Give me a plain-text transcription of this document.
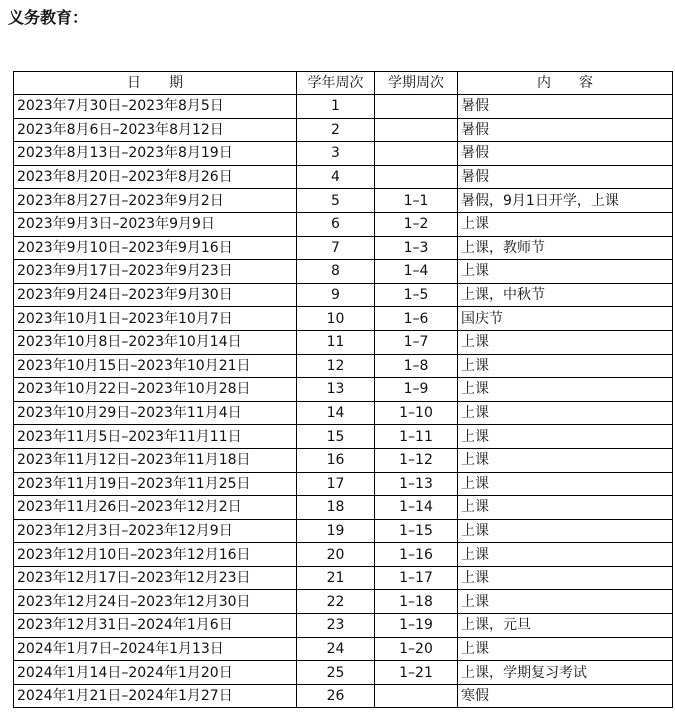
义务教育：
日　　期	学年周次	学期周次	内　　容
2023年7月30日–2023年8月5日	1		暑假
2023年8月6日–2023年8月12日	2		暑假
2023年8月13日–2023年8月19日	3		暑假
2023年8月20日–2023年8月26日	4		暑假
2023年8月27日–2023年9月2日	5	1–1	暑假，9月1日开学，上课
2023年9月3日–2023年9月9日	6	1–2	上课
2023年9月10日–2023年9月16日	7	1–3	上课，教师节
2023年9月17日–2023年9月23日	8	1–4	上课
2023年9月24日–2023年9月30日	9	1–5	上课，中秋节
2023年10月1日–2023年10月7日	10	1–6	国庆节
2023年10月8日–2023年10月14日	11	1–7	上课
2023年10月15日–2023年10月21日	12	1–8	上课
2023年10月22日–2023年10月28日	13	1–9	上课
2023年10月29日–2023年11月4日	14	1–10	上课
2023年11月5日–2023年11月11日	15	1–11	上课
2023年11月12日–2023年11月18日	16	1–12	上课
2023年11月19日–2023年11月25日	17	1–13	上课
2023年11月26日–2023年12月2日	18	1–14	上课
2023年12月3日–2023年12月9日	19	1–15	上课
2023年12月10日–2023年12月16日	20	1–16	上课
2023年12月17日–2023年12月23日	21	1–17	上课
2023年12月24日–2023年12月30日	22	1–18	上课
2023年12月31日–2024年1月6日	23	1–19	上课，元旦
2024年1月7日–2024年1月13日	24	1–20	上课
2024年1月14日–2024年1月20日	25	1–21	上课，学期复习考试
2024年1月21日–2024年1月27日	26		寒假
